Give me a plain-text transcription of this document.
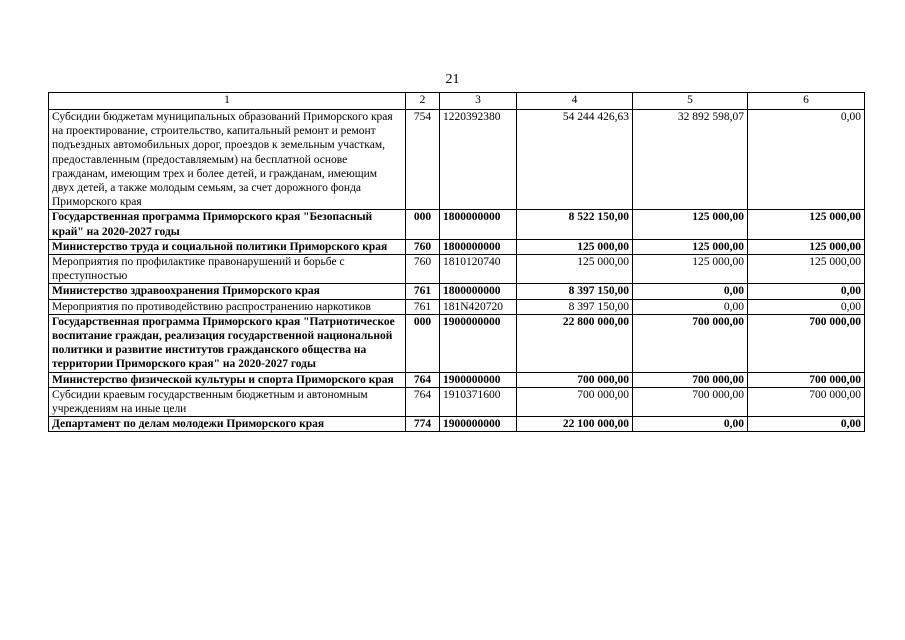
21
1	2	3	4	5	6
Субсидии бюджетам муниципальных образований Приморского края на проектирование, строительство, капитальный ремонт и ремонт подъездных автомобильных дорог, проездов к земельным участкам, предоставленным (предоставляемым) на бесплатной основе гражданам, имеющим трех и более детей, и гражданам, имеющим двух детей, а также молодым семьям, за счет дорожного фонда Приморского края	754	1220392380	54 244 426,63	32 892 598,07	0,00
Государственная программа Приморского края "Безопасный край" на 2020-2027 годы	000	1800000000	8 522 150,00	125 000,00	125 000,00
Министерство труда и социальной политики Приморского края	760	1800000000	125 000,00	125 000,00	125 000,00
Мероприятия по профилактике правонарушений и борьбе с преступностью	760	1810120740	125 000,00	125 000,00	125 000,00
Министерство здравоохранения Приморского края	761	1800000000	8 397 150,00	0,00	0,00
Мероприятия по противодействию распространению наркотиков	761	181N420720	8 397 150,00	0,00	0,00
Государственная программа Приморского края "Патриотическое воспитание граждан, реализация государственной национальной политики и развитие институтов гражданского общества на территории Приморского края" на 2020-2027 годы	000	1900000000	22 800 000,00	700 000,00	700 000,00
Министерство физической культуры и спорта Приморского края	764	1900000000	700 000,00	700 000,00	700 000,00
Субсидии краевым государственным бюджетным и автономным учреждениям на иные цели	764	1910371600	700 000,00	700 000,00	700 000,00
Департамент по делам молодежи Приморского края	774	1900000000	22 100 000,00	0,00	0,00
